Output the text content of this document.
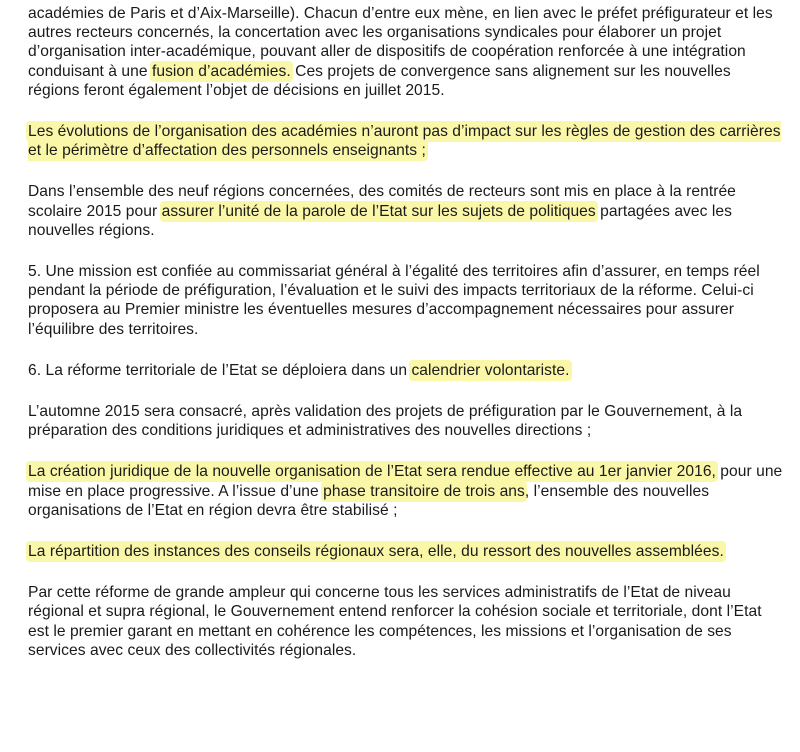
académies de Paris et d’Aix-Marseille). Chacun d’entre eux mène, en lien avec le préfet préfigurateur et les autres recteurs concernés, la concertation avec les organisations syndicales pour élaborer un projet d’organisation inter-académique, pouvant aller de dispositifs de coopération renforcée à une intégration conduisant à une fusion d’académies. Ces projets de convergence sans alignement sur les nouvelles régions feront également l’objet de décisions en juillet 2015.

Les évolutions de l’organisation des académies n’auront pas d’impact sur les règles de gestion des carrières et le périmètre d’affectation des personnels enseignants ;

Dans l’ensemble des neuf régions concernées, des comités de recteurs sont mis en place à la rentrée scolaire 2015 pour assurer l’unité de la parole de l’Etat sur les sujets de politiques partagées avec les nouvelles régions.

5. Une mission est confiée au commissariat général à l’égalité des territoires afin d’assurer, en temps réel pendant la période de préfiguration, l’évaluation et le suivi des impacts territoriaux de la réforme. Celui-ci proposera au Premier ministre les éventuelles mesures d’accompagnement nécessaires pour assurer l’équilibre des territoires.

6. La réforme territoriale de l’Etat se déploiera dans un calendrier volontariste.

L’automne 2015 sera consacré, après validation des projets de préfiguration par le Gouvernement, à la préparation des conditions juridiques et administratives des nouvelles directions ;

La création juridique de la nouvelle organisation de l’Etat sera rendue effective au 1er janvier 2016, pour une mise en place progressive. A l’issue d’une phase transitoire de trois ans, l’ensemble des nouvelles organisations de l’Etat en région devra être stabilisé ;

La répartition des instances des conseils régionaux sera, elle, du ressort des nouvelles assemblées.

Par cette réforme de grande ampleur qui concerne tous les services administratifs de l’Etat de niveau régional et supra régional, le Gouvernement entend renforcer la cohésion sociale et territoriale, dont l’Etat est le premier garant en mettant en cohérence les compétences, les missions et l’organisation de ses services avec ceux des collectivités régionales.
